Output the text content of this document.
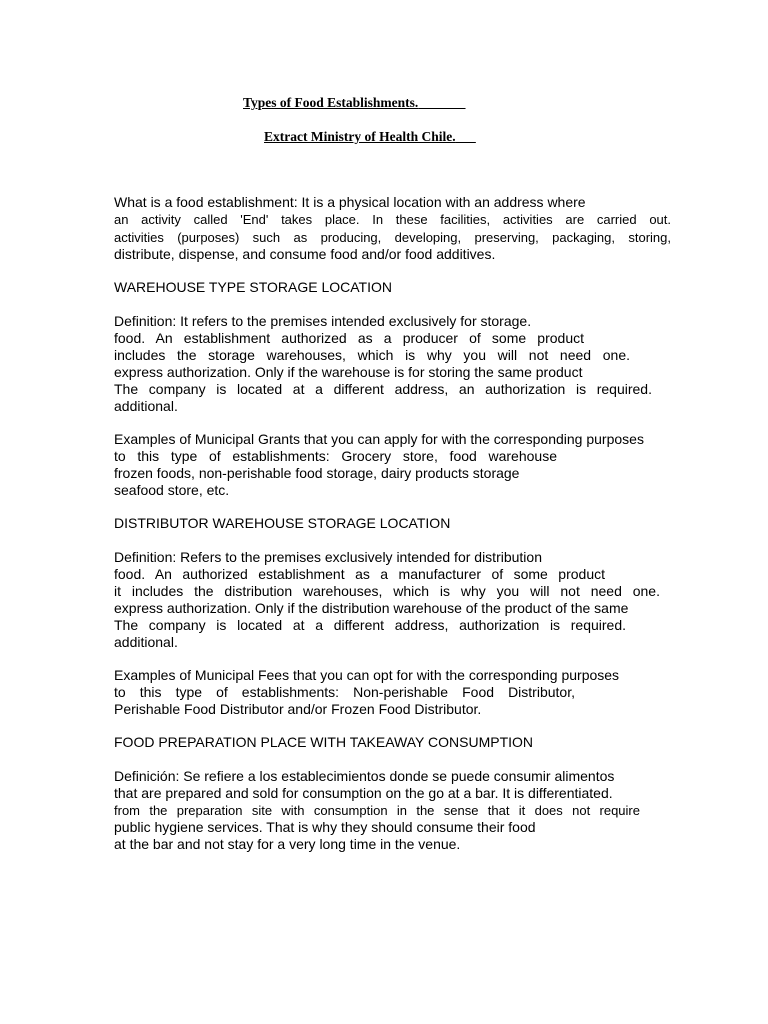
Types of Food Establishments.
Extract Ministry of Health Chile.
What is a food establishment: It is a physical location with an address where
an activity called 'End' takes place. In these facilities, activities are carried out.
activities (purposes) such as producing, developing, preserving, packaging, storing,
distribute, dispense, and consume food and/or food additives.
WAREHOUSE TYPE STORAGE LOCATION
Definition: It refers to the premises intended exclusively for storage.
food. An establishment authorized as a producer of some product
includes the storage warehouses, which is why you will not need one.
express authorization. Only if the warehouse is for storing the same product
The company is located at a different address, an authorization is required.
additional.
Examples of Municipal Grants that you can apply for with the corresponding purposes
to this type of establishments: Grocery store, food warehouse
frozen foods, non-perishable food storage, dairy products storage
seafood store, etc.
DISTRIBUTOR WAREHOUSE STORAGE LOCATION
Definition: Refers to the premises exclusively intended for distribution
food. An authorized establishment as a manufacturer of some product
it includes the distribution warehouses, which is why you will not need one.
express authorization. Only if the distribution warehouse of the product of the same
The company is located at a different address, authorization is required.
additional.
Examples of Municipal Fees that you can opt for with the corresponding purposes
to this type of establishments: Non-perishable Food Distributor,
Perishable Food Distributor and/or Frozen Food Distributor.
FOOD PREPARATION PLACE WITH TAKEAWAY CONSUMPTION
Definición: Se refiere a los establecimientos donde se puede consumir alimentos
that are prepared and sold for consumption on the go at a bar. It is differentiated.
from the preparation site with consumption in the sense that it does not require
public hygiene services. That is why they should consume their food
at the bar and not stay for a very long time in the venue.
